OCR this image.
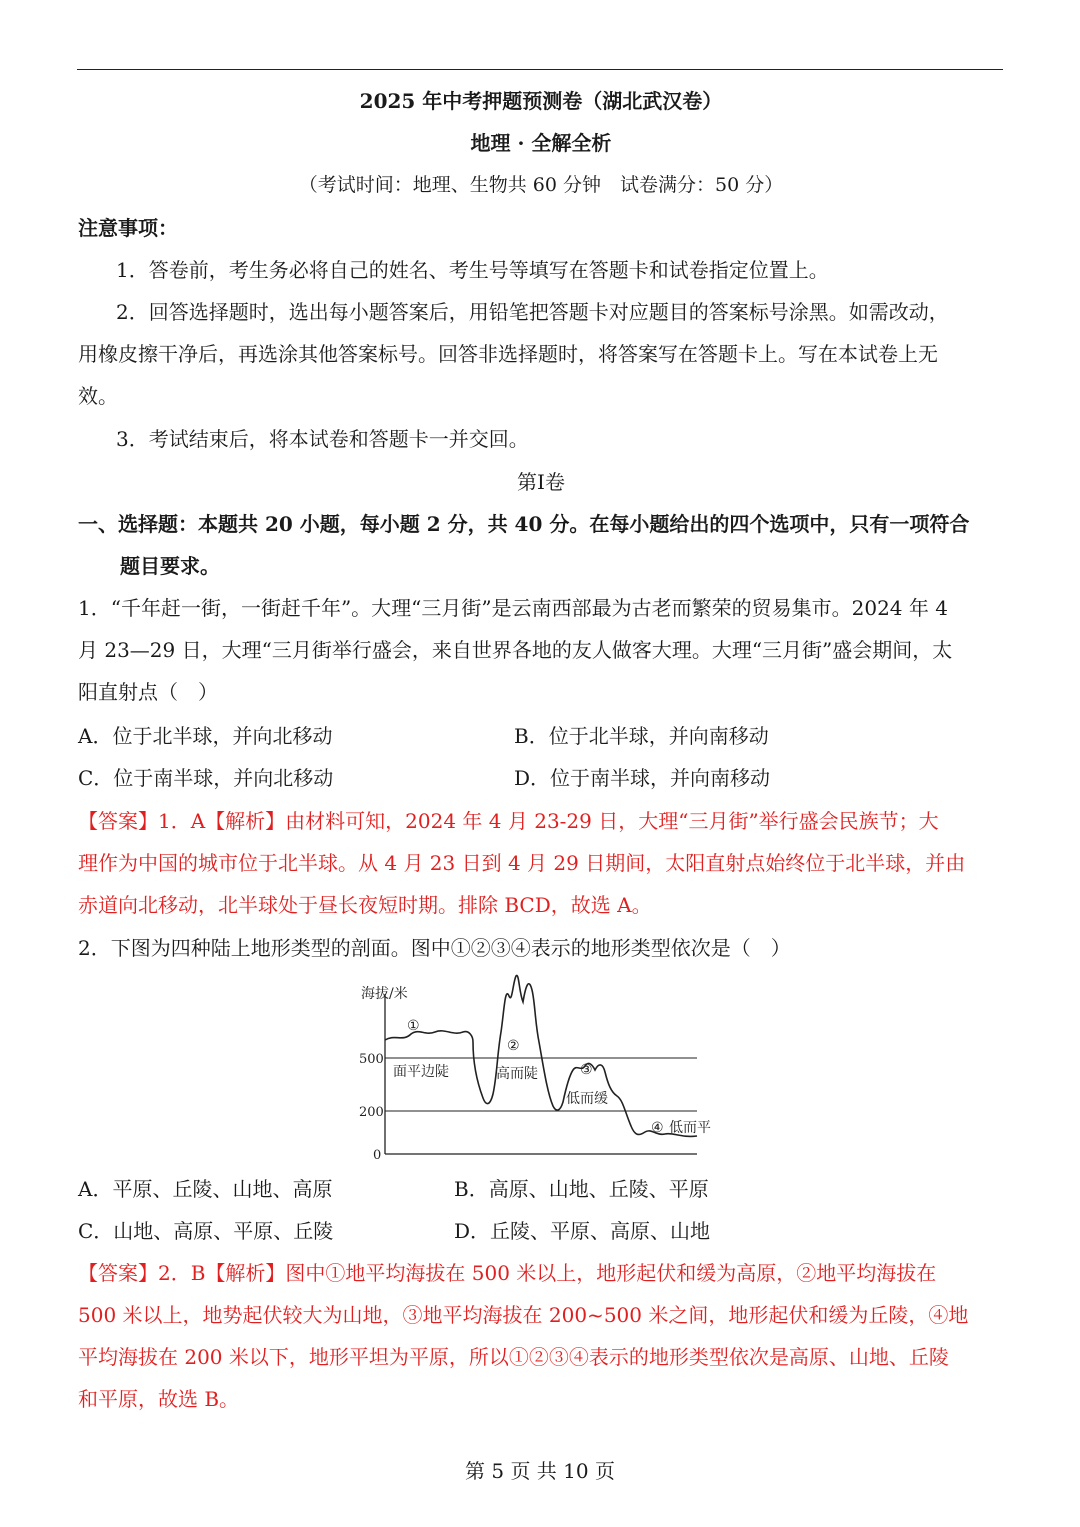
2025 年中考押题预测卷（湖北武汉卷）
地理 · 全解全析
（考试时间：地理、生物共 60 分钟　试卷满分：50 分）
注意事项：
1．答卷前，考生务必将自己的姓名、考生号等填写在答题卡和试卷指定位置上。
2．回答选择题时，选出每小题答案后，用铅笔把答题卡对应题目的答案标号涂黑。如需改动，
用橡皮擦干净后，再选涂其他答案标号。回答非选择题时，将答案写在答题卡上。写在本试卷上无
效。
3．考试结束后，将本试卷和答题卡一并交回。
第I卷
一、选择题：本题共 20 小题，每小题 2 分，共 40 分。在每小题给出的四个选项中，只有一项符合
题目要求。
1．“千年赶一街，一街赶千年”。大理“三月街”是云南西部最为古老而繁荣的贸易集市。2024 年 4
月 23—29 日，大理“三月街举行盛会，来自世界各地的友人做客大理。大理“三月街”盛会期间，太
阳直射点（　）
A．位于北半球，并向北移动	B．位于北半球，并向南移动
C．位于南半球，并向北移动	D．位于南半球，并向南移动
【答案】1．A【解析】由材料可知，2024 年 4 月 23-29 日，大理“三月街”举行盛会民族节；大
理作为中国的城市位于北半球。从 4 月 23 日到 4 月 29 日期间，太阳直射点始终位于北半球，并由
赤道向北移动，北半球处于昼长夜短时期。排除 BCD，故选 A。
2．下图为四种陆上地形类型的剖面。图中①②③④表示的地形类型依次是（　）
海拔/米
500
200
0
①
面平边陡
②
高而陡	③
低而缓
④ 低而平
A．平原、丘陵、山地、高原	B．高原、山地、丘陵、平原
C．山地、高原、平原、丘陵	D．丘陵、平原、高原、山地
【答案】2．B【解析】图中①地平均海拔在 500 米以上，地形起伏和缓为高原，②地平均海拔在
500 米以上，地势起伏较大为山地，③地平均海拔在 200~500 米之间，地形起伏和缓为丘陵，④地
平均海拔在 200 米以下，地形平坦为平原，所以①②③④表示的地形类型依次是高原、山地、丘陵
和平原，故选 B。
第 5 页 共 10 页
